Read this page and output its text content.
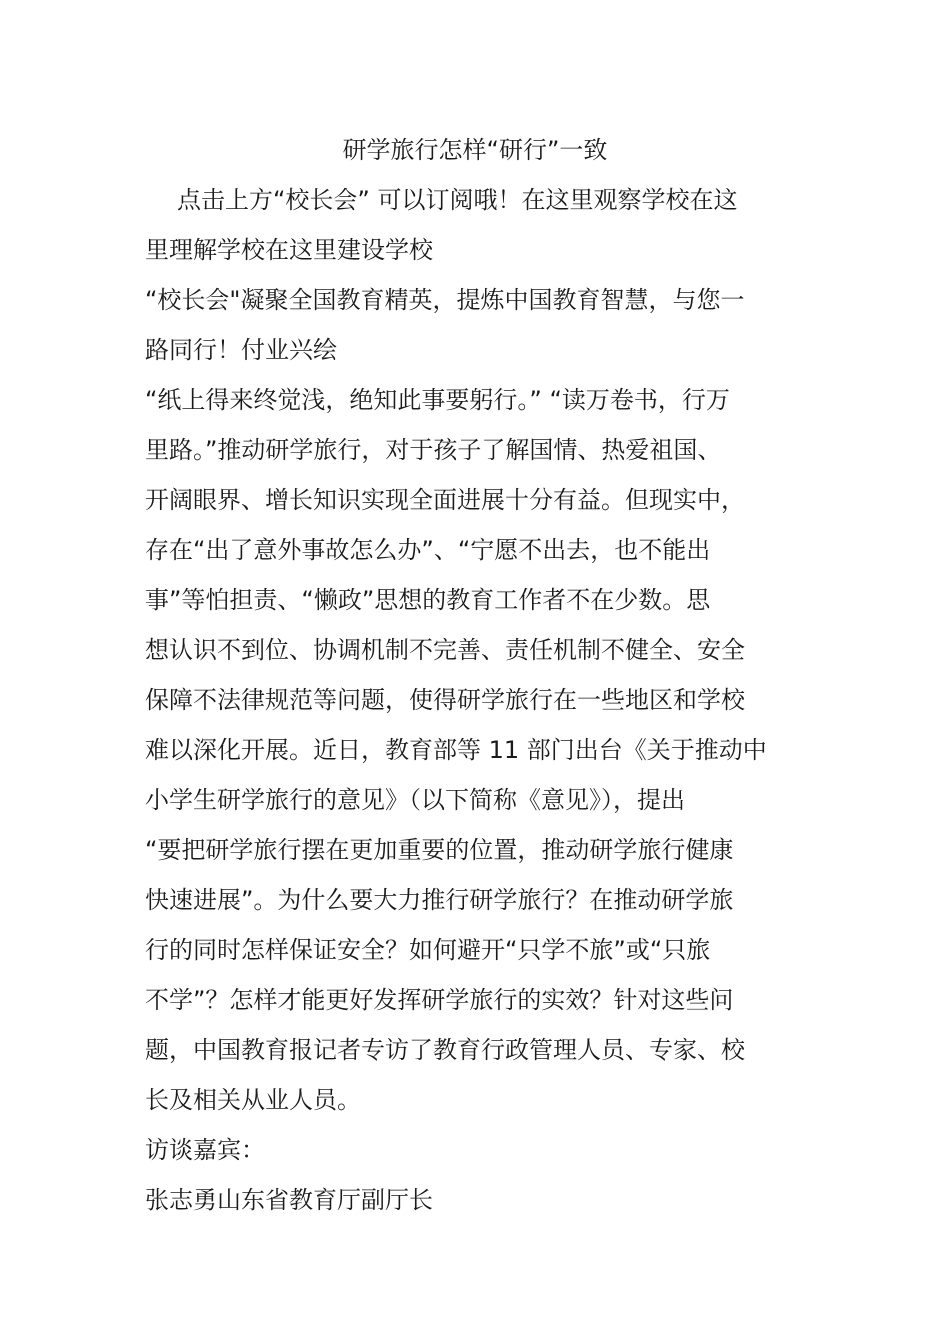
研学旅行怎样“研行”一致
点击上方“校长会” 可以订阅哦！在这里观察学校在这
里理解学校在这里建设学校
“校长会"凝聚全国教育精英，提炼中国教育智慧，与您一
路同行！付业兴绘
“纸上得来终觉浅，绝知此事要躬行。” “读万卷书，行万
里路。”推动研学旅行，对于孩子了解国情、热爱祖国、
开阔眼界、增长知识实现全面进展十分有益。但现实中，
存在“出了意外事故怎么办”、“宁愿不出去，也不能出
事”等怕担责、“懒政”思想的教育工作者不在少数。思
想认识不到位、协调机制不完善、责任机制不健全、安全
保障不法律规范等问题，使得研学旅行在一些地区和学校
难以深化开展。近日，教育部等 11 部门出台《关于推动中
小学生研学旅行的意见》（以下简称《意见》），提出
“要把研学旅行摆在更加重要的位置，推动研学旅行健康
快速进展”。为什么要大力推行研学旅行？在推动研学旅
行的同时怎样保证安全？如何避开“只学不旅”或“只旅
不学”？怎样才能更好发挥研学旅行的实效？针对这些问
题，中国教育报记者专访了教育行政管理人员、专家、校
长及相关从业人员。
访谈嘉宾：
张志勇山东省教育厅副厅长
